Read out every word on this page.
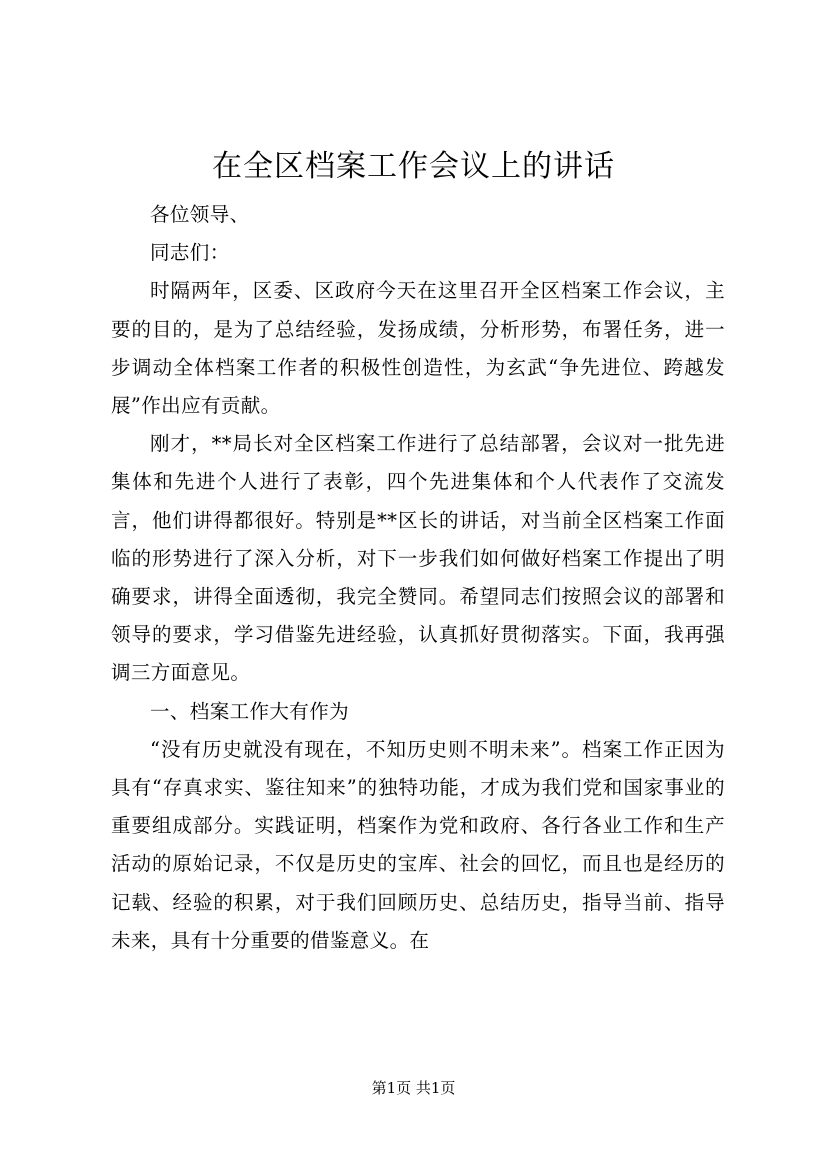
在全区档案工作会议上的讲话

各位领导、

同志们：

时隔两年，区委、区政府今天在这里召开全区档案工作会议，主要的目的，是为了总结经验，发扬成绩，分析形势，布署任务，进一步调动全体档案工作者的积极性创造性，为玄武“争先进位、跨越发展”作出应有贡献。

刚才，**局长对全区档案工作进行了总结部署，会议对一批先进集体和先进个人进行了表彰，四个先进集体和个人代表作了交流发言，他们讲得都很好。特别是**区长的讲话，对当前全区档案工作面临的形势进行了深入分析，对下一步我们如何做好档案工作提出了明确要求，讲得全面透彻，我完全赞同。希望同志们按照会议的部署和领导的要求，学习借鉴先进经验，认真抓好贯彻落实。下面，我再强调三方面意见。

一、档案工作大有作为

“没有历史就没有现在，不知历史则不明未来”。档案工作正因为具有“存真求实、鉴往知来”的独特功能，才成为我们党和国家事业的重要组成部分。实践证明，档案作为党和政府、各行各业工作和生产活动的原始记录，不仅是历史的宝库、社会的回忆，而且也是经历的记载、经验的积累，对于我们回顾历史、总结历史，指导当前、指导未来，具有十分重要的借鉴意义。在

第1页 共1页
